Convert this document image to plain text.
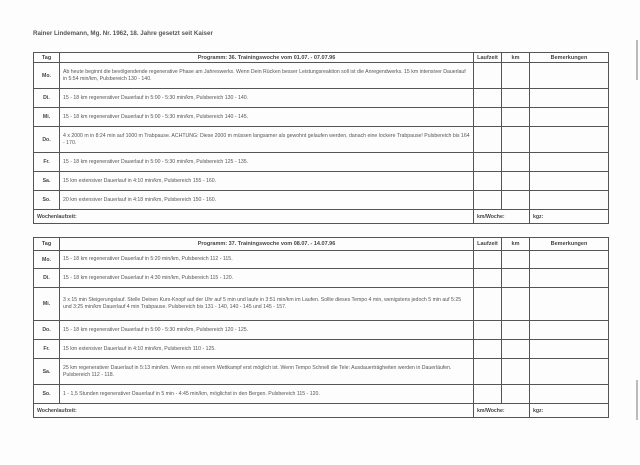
Rainer Lindemann, Mg. Nr. 1962, 18. Jahre gesetzt seit Kaiser
Tag	Programm: 36. Trainingswoche vom 01.07. - 07.07.96	Laufzeit	km	Bemerkungen
Mo.	Ab heute beginnt die bevölgendende regenerative Phase am Jahreswerks. Wenn Dein Rücken besser Leistungsreaktion soll ist die Anregendwerks. 15 km intensiver Dauerlauf in 5:54 min/km, Pulsbereich 130 - 140.			
Di.	15 - 18 km regenerativer Dauerlauf in 5:00 - 5:30 min/km, Pulsbereich 130 - 140.			
Mi.	15 - 18 km regenerativer Dauerlauf in 5:00 - 5:30 min/km, Pulsbereich 140 - 145.			
Do.	4 x 2000 m in 8:24 min auf 1000 m Trabpause. ACHTUNG: Diese 2000 m müssen langsamer als gewohnt gelaufen werden, danach eine lockere Trabpause! Pulsbereich bis 164 - 170.			
Fr.	15 - 18 km regenerativer Dauerlauf in 5:00 - 5:30 min/km, Pulsbereich 125 - 135.			
Sa.	15 km extensiver Dauerlauf in 4:10 min/km, Pulsbereich 155 - 160.			
So.	20 km extensiver Dauerlauf in 4:18 min/km, Pulsbereich 150 - 160.			
Wochenlaufzeit:		km/Woche:		kgz:
Tag	Programm: 37. Trainingswoche vom 08.07. - 14.07.96	Laufzeit	km	Bemerkungen
Mo.	15 - 18 km regenerativer Dauerlauf in 5:20 min/km, Pulsbereich 112 - 115.			
Di.	15 - 18 km regenerativer Dauerlauf in 4:30 min/km, Pulsbereich 115 - 120.			
Mi.	3 x 15 min Steigerungslauf. Stelle Deinen Kurs-Knopf auf der Uhr auf 5 min und laufe in 3:51 min/km im Laufen. Sollte dieses Tempo 4 min, wenigstens jedoch 5 min auf 5:25 und 3:25 min/km Dauerlauf 4 min Trabpause. Pulsbereich bis 131 - 140, 140 - 145 und 145 - 157.			
Do.	15 - 18 km regenerativer Dauerlauf in 5:00 - 5:30 min/km, Pulsbereich 120 - 125.			
Fr.	15 km extensiver Dauerlauf in 4:10 min/km, Pulsbereich 110 - 125.			
Sa.	25 km regenerativer Dauerlauf in 5:13 min/km. Wenn es mit einem Wettkampf erst möglich ist. Wenn Tempo Schnell die Tele: Ausdauerträgheiten werden in Dauerläufen. Pulsbereich 112 - 118.			
So.	1 - 1,5 Stunden regenerativer Dauerlauf in 5 min - 4:45 min/km, möglichst in den Bergen. Pulsbereich 115 - 120.			
Wochenlaufzeit:		km/Woche:		kgz:
